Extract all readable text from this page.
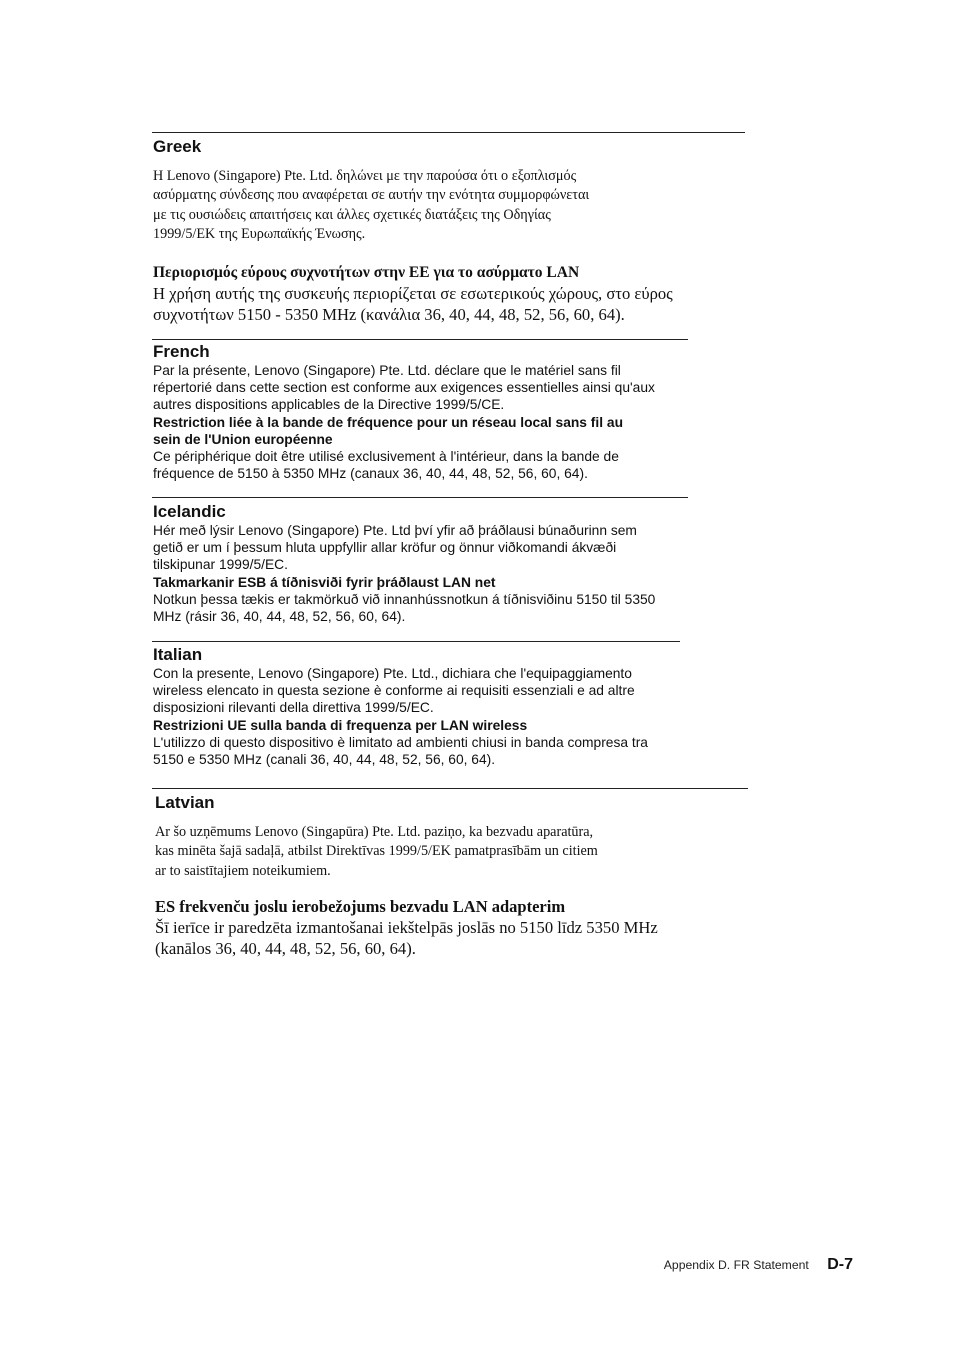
Greek

Η Lenovo (Singapore) Pte. Ltd. δηλώνει με την παρούσα ότι ο εξοπλισμός

ασύρματης σύνδεσης που αναφέρεται σε αυτήν την ενότητα συμμορφώνεται

με τις ουσιώδεις απαιτήσεις και άλλες σχετικές διατάξεις της Οδηγίας

1999/5/ΕΚ της Ευρωπαϊκής Ένωσης.

Περιορισμός εύρους συχνοτήτων στην ΕΕ για το ασύρματο LAN

Η χρήση αυτής της συσκευής περιορίζεται σε εσωτερικούς χώρους, στο εύρος

συχνοτήτων 5150 - 5350 MHz (κανάλια 36, 40, 44, 48, 52, 56, 60, 64).

French

Par la présente, Lenovo (Singapore) Pte. Ltd. déclare que le matériel sans fil

répertorié dans cette section est conforme aux exigences essentielles ainsi qu'aux

autres dispositions applicables de la Directive 1999/5/CE.

Restriction liée à la bande de fréquence pour un réseau local sans fil au

sein de l'Union européenne

Ce périphérique doit être utilisé exclusivement à l'intérieur, dans la bande de

fréquence de 5150 à 5350 MHz (canaux 36, 40, 44, 48, 52, 56, 60, 64).

Icelandic

Hér með lýsir Lenovo (Singapore) Pte. Ltd því yfir að þráðlausi búnaðurinn sem

getið er um í þessum hluta uppfyllir allar kröfur og önnur viðkomandi ákvæði

tilskipunar 1999/5/EC.

Takmarkanir ESB á tíðnisviði fyrir þráðlaust LAN net

Notkun þessa tækis er takmörkuð við innanhússnotkun á tíðnisviðinu 5150 til 5350

MHz (rásir 36, 40, 44, 48, 52, 56, 60, 64).

Italian

Con la presente, Lenovo (Singapore) Pte. Ltd., dichiara che l'equipaggiamento

wireless elencato in questa sezione è conforme ai requisiti essenziali e ad altre

disposizioni rilevanti della direttiva 1999/5/EC.

Restrizioni UE sulla banda di frequenza per LAN wireless

L'utilizzo di questo dispositivo è limitato ad ambienti chiusi in banda compresa tra

5150 e 5350 MHz (canali 36, 40, 44, 48, 52, 56, 60, 64).

Latvian

Ar šo uzņēmums Lenovo (Singapūra) Pte. Ltd. paziņo, ka bezvadu aparatūra,

kas minēta šajā sadaļā, atbilst Direktīvas 1999/5/EK pamatprasībām un citiem

ar to saistītajiem noteikumiem.

ES frekvenču joslu ierobežojums bezvadu LAN adapterim

Šī ierīce ir paredzēta izmantošanai iekštelpās joslās no 5150 līdz 5350 MHz

(kanālos 36, 40, 44, 48, 52, 56, 60, 64).

Appendix D. FR Statement D-7
